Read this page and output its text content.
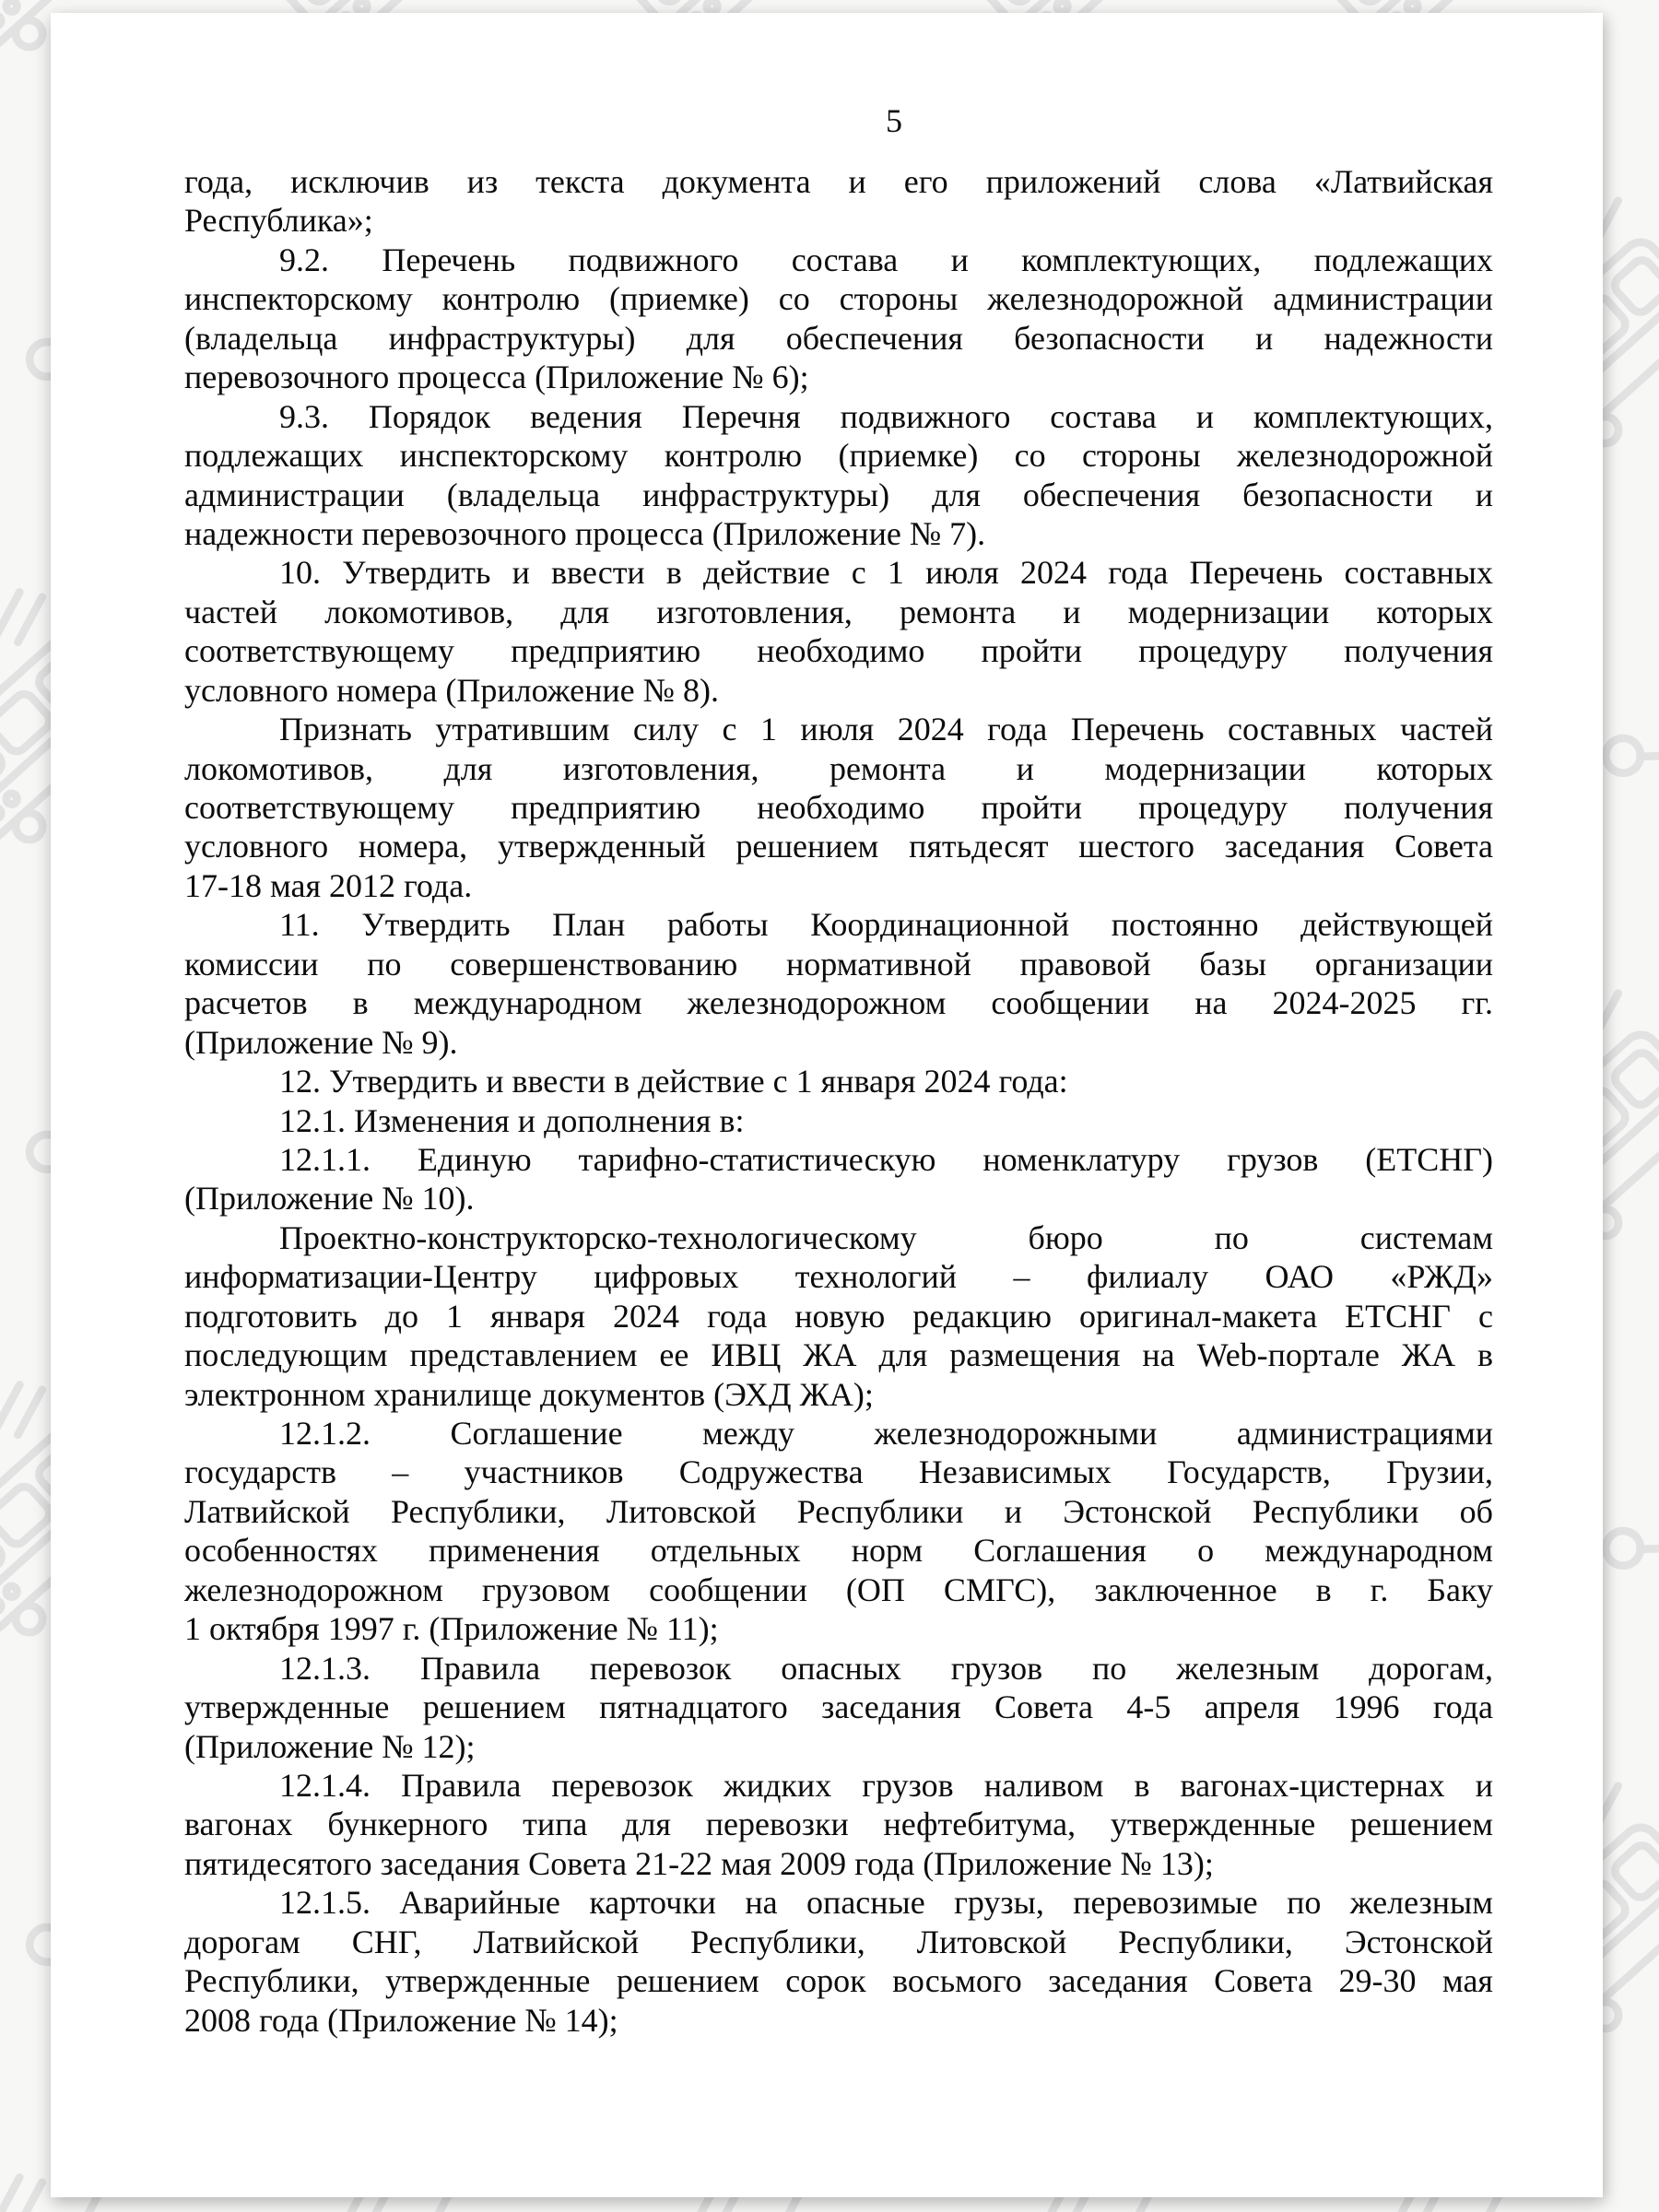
5
года, исключив из текста документа и его приложений слова «Латвийская
Республика»;
9.2. Перечень подвижного состава и комплектующих, подлежащих
инспекторскому контролю (приемке) со стороны железнодорожной администрации
(владельца инфраструктуры) для обеспечения безопасности и надежности
перевозочного процесса (Приложение № 6);
9.3. Порядок ведения Перечня подвижного состава и комплектующих,
подлежащих инспекторскому контролю (приемке) со стороны железнодорожной
администрации (владельца инфраструктуры) для обеспечения безопасности и
надежности перевозочного процесса (Приложение № 7).
10. Утвердить и ввести в действие с 1 июля 2024 года Перечень составных
частей локомотивов, для изготовления, ремонта и модернизации которых
соответствующему предприятию необходимо пройти процедуру получения
условного номера (Приложение № 8).
Признать утратившим силу с 1 июля 2024 года Перечень составных частей
локомотивов, для изготовления, ремонта и модернизации которых
соответствующему предприятию необходимо пройти процедуру получения
условного номера, утвержденный решением пятьдесят шестого заседания Совета
17-18 мая 2012 года.
11. Утвердить План работы Координационной постоянно действующей
комиссии по совершенствованию нормативной правовой базы организации
расчетов в международном железнодорожном сообщении на 2024-2025 гг.
(Приложение № 9).
12. Утвердить и ввести в действие с 1 января 2024 года:
12.1. Изменения и дополнения в:
12.1.1. Единую тарифно-статистическую номенклатуру грузов (ЕТСНГ)
(Приложение № 10).
Проектно-конструкторско-технологическому бюро по системам
информатизации-Центру цифровых технологий – филиалу ОАО «РЖД»
подготовить до 1 января 2024 года новую редакцию оригинал-макета ЕТСНГ с
последующим представлением ее ИВЦ ЖА для размещения на Web-портале ЖА в
электронном хранилище документов (ЭХД ЖА);
12.1.2. Соглашение между железнодорожными администрациями
государств – участников Содружества Независимых Государств, Грузии,
Латвийской Республики, Литовской Республики и Эстонской Республики об
особенностях применения отдельных норм Соглашения о международном
железнодорожном грузовом сообщении (ОП СМГС), заключенное в г. Баку
1 октября 1997 г. (Приложение № 11);
12.1.3. Правила перевозок опасных грузов по железным дорогам,
утвержденные решением пятнадцатого заседания Совета 4-5 апреля 1996 года
(Приложение № 12);
12.1.4. Правила перевозок жидких грузов наливом в вагонах-цистернах и
вагонах бункерного типа для перевозки нефтебитума, утвержденные решением
пятидесятого заседания Совета 21-22 мая 2009 года (Приложение № 13);
12.1.5. Аварийные карточки на опасные грузы, перевозимые по железным
дорогам СНГ, Латвийской Республики, Литовской Республики, Эстонской
Республики, утвержденные решением сорок восьмого заседания Совета 29-30 мая
2008 года (Приложение № 14);
